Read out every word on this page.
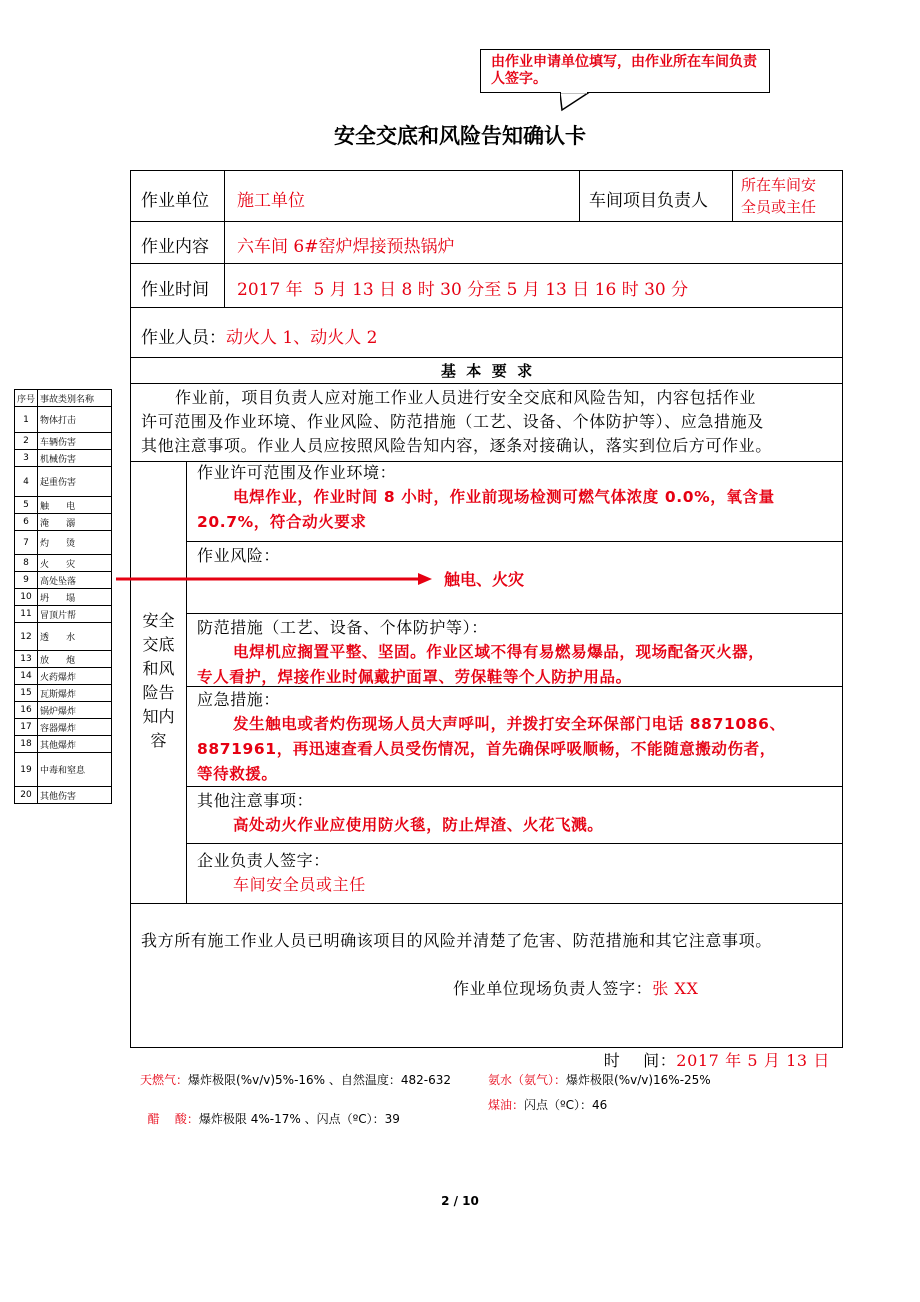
由作业申请单位填写，由作业所在车间负责人签字。
安全交底和风险告知确认卡
作业单位 施工单位	车间项目负责人
所在车间安
全员或主任
作业内容 六车间 6#窑炉焊接预热锅炉
作业时间 2017 年  5 月 13 日 8 时 30 分至 5 月 13 日 16 时 30 分
作业人员：动火人 1、动火人 2
基  本  要  求
作业前，项目负责人应对施工作业人员进行安全交底和风险告知，内容包括作业
许可范围及作业环境、作业风险、防范措施（工艺、设备、个体防护等）、应急措施及
其他注意事项。作业人员应按照风险告知内容，逐条对接确认，落实到位后方可作业。
安全
交底
和风
险告
知内
容
作业许可范围及作业环境：
电焊作业，作业时间 8 小时，作业前现场检测可燃气体浓度 0.0%，氧含量
20.7%，符合动火要求
作业风险：
触电、火灾
防范措施（工艺、设备、个体防护等）：
电焊机应搁置平整、坚固。作业区域不得有易燃易爆品，现场配备灭火器，
专人看护，焊接作业时佩戴护面罩、劳保鞋等个人防护用品。
应急措施：
发生触电或者灼伤现场人员大声呼叫，并拨打安全环保部门电话 8871086、
8871961，再迅速查看人员受伤情况，首先确保呼吸顺畅，不能随意搬动伤者，
等待救援。
其他注意事项：
高处动火作业应使用防火毯，防止焊渣、火花飞溅。
企业负责人签字：
车间安全员或主任
我方所有施工作业人员已明确该项目的风险并清楚了危害、防范措施和其它注意事项。
作业单位现场负责人签字：张 XX

时    间：2017 年 5 月 13 日

序号	事故类别名称
1	物体打击
2	车辆伤害
3	机械伤害
4	起重伤害
5	触      电
6	淹      溺
7	灼      烫
8	火      灾
9	高处坠落
10	坍      塌
11	冒顶片帮
12	透      水
13	放      炮
14	火药爆炸
15	瓦斯爆炸
16	锅炉爆炸
17	容器爆炸
18	其他爆炸
19	中毒和窒息
20	其他伤害
天燃气：爆炸极限(%v/v)5%-16% 、自然温度：482-632	氨水（氨气）：爆炸极限(%v/v)16%-25%

醋    酸：爆炸极限 4%-17% 、闪点（ºC）：39

煤油：闪点（ºC）：46
2 / 10
